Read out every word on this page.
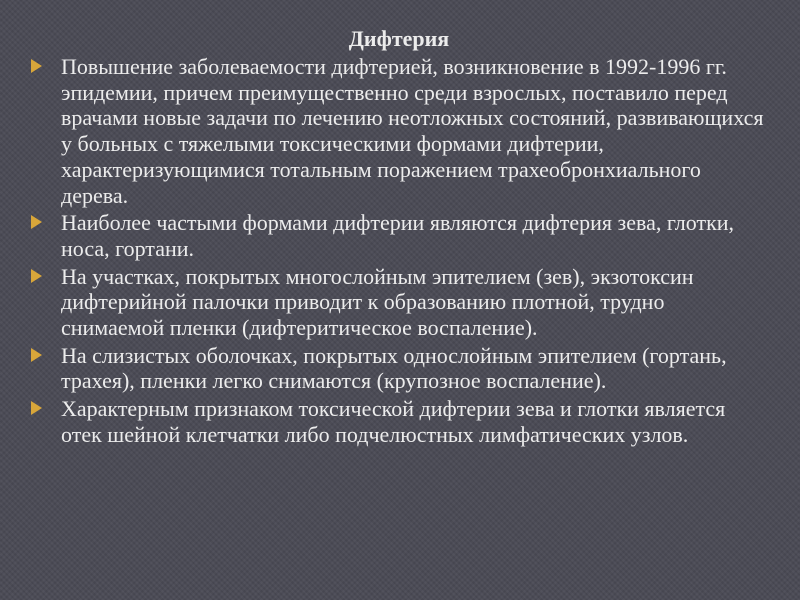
Дифтерия
Повышение заболеваемости дифтерией, возникновение в 1992-1996 гг. эпидемии, причем преимущественно среди взрослых, поставило перед врачами новые задачи по лечению неотложных состояний, развивающихся у больных с тяжелыми токсическими формами дифтерии, характеризующимися тотальным поражением трахеобронхиального дерева.
Наиболее частыми формами дифтерии являются дифтерия зева, глотки, носа, гортани.
На участках, покрытых многослойным эпителием (зев), экзотоксин дифтерийной палочки приводит к образованию плотной, трудно снимаемой пленки (дифтеритическое воспаление).
На слизистых оболочках, покрытых однослойным эпителием (гортань, трахея), пленки легко снимаются (крупозное воспаление).
Характерным признаком токсической дифтерии зева и глотки является отек шейной клетчатки либо подчелюстных лимфатических узлов.
